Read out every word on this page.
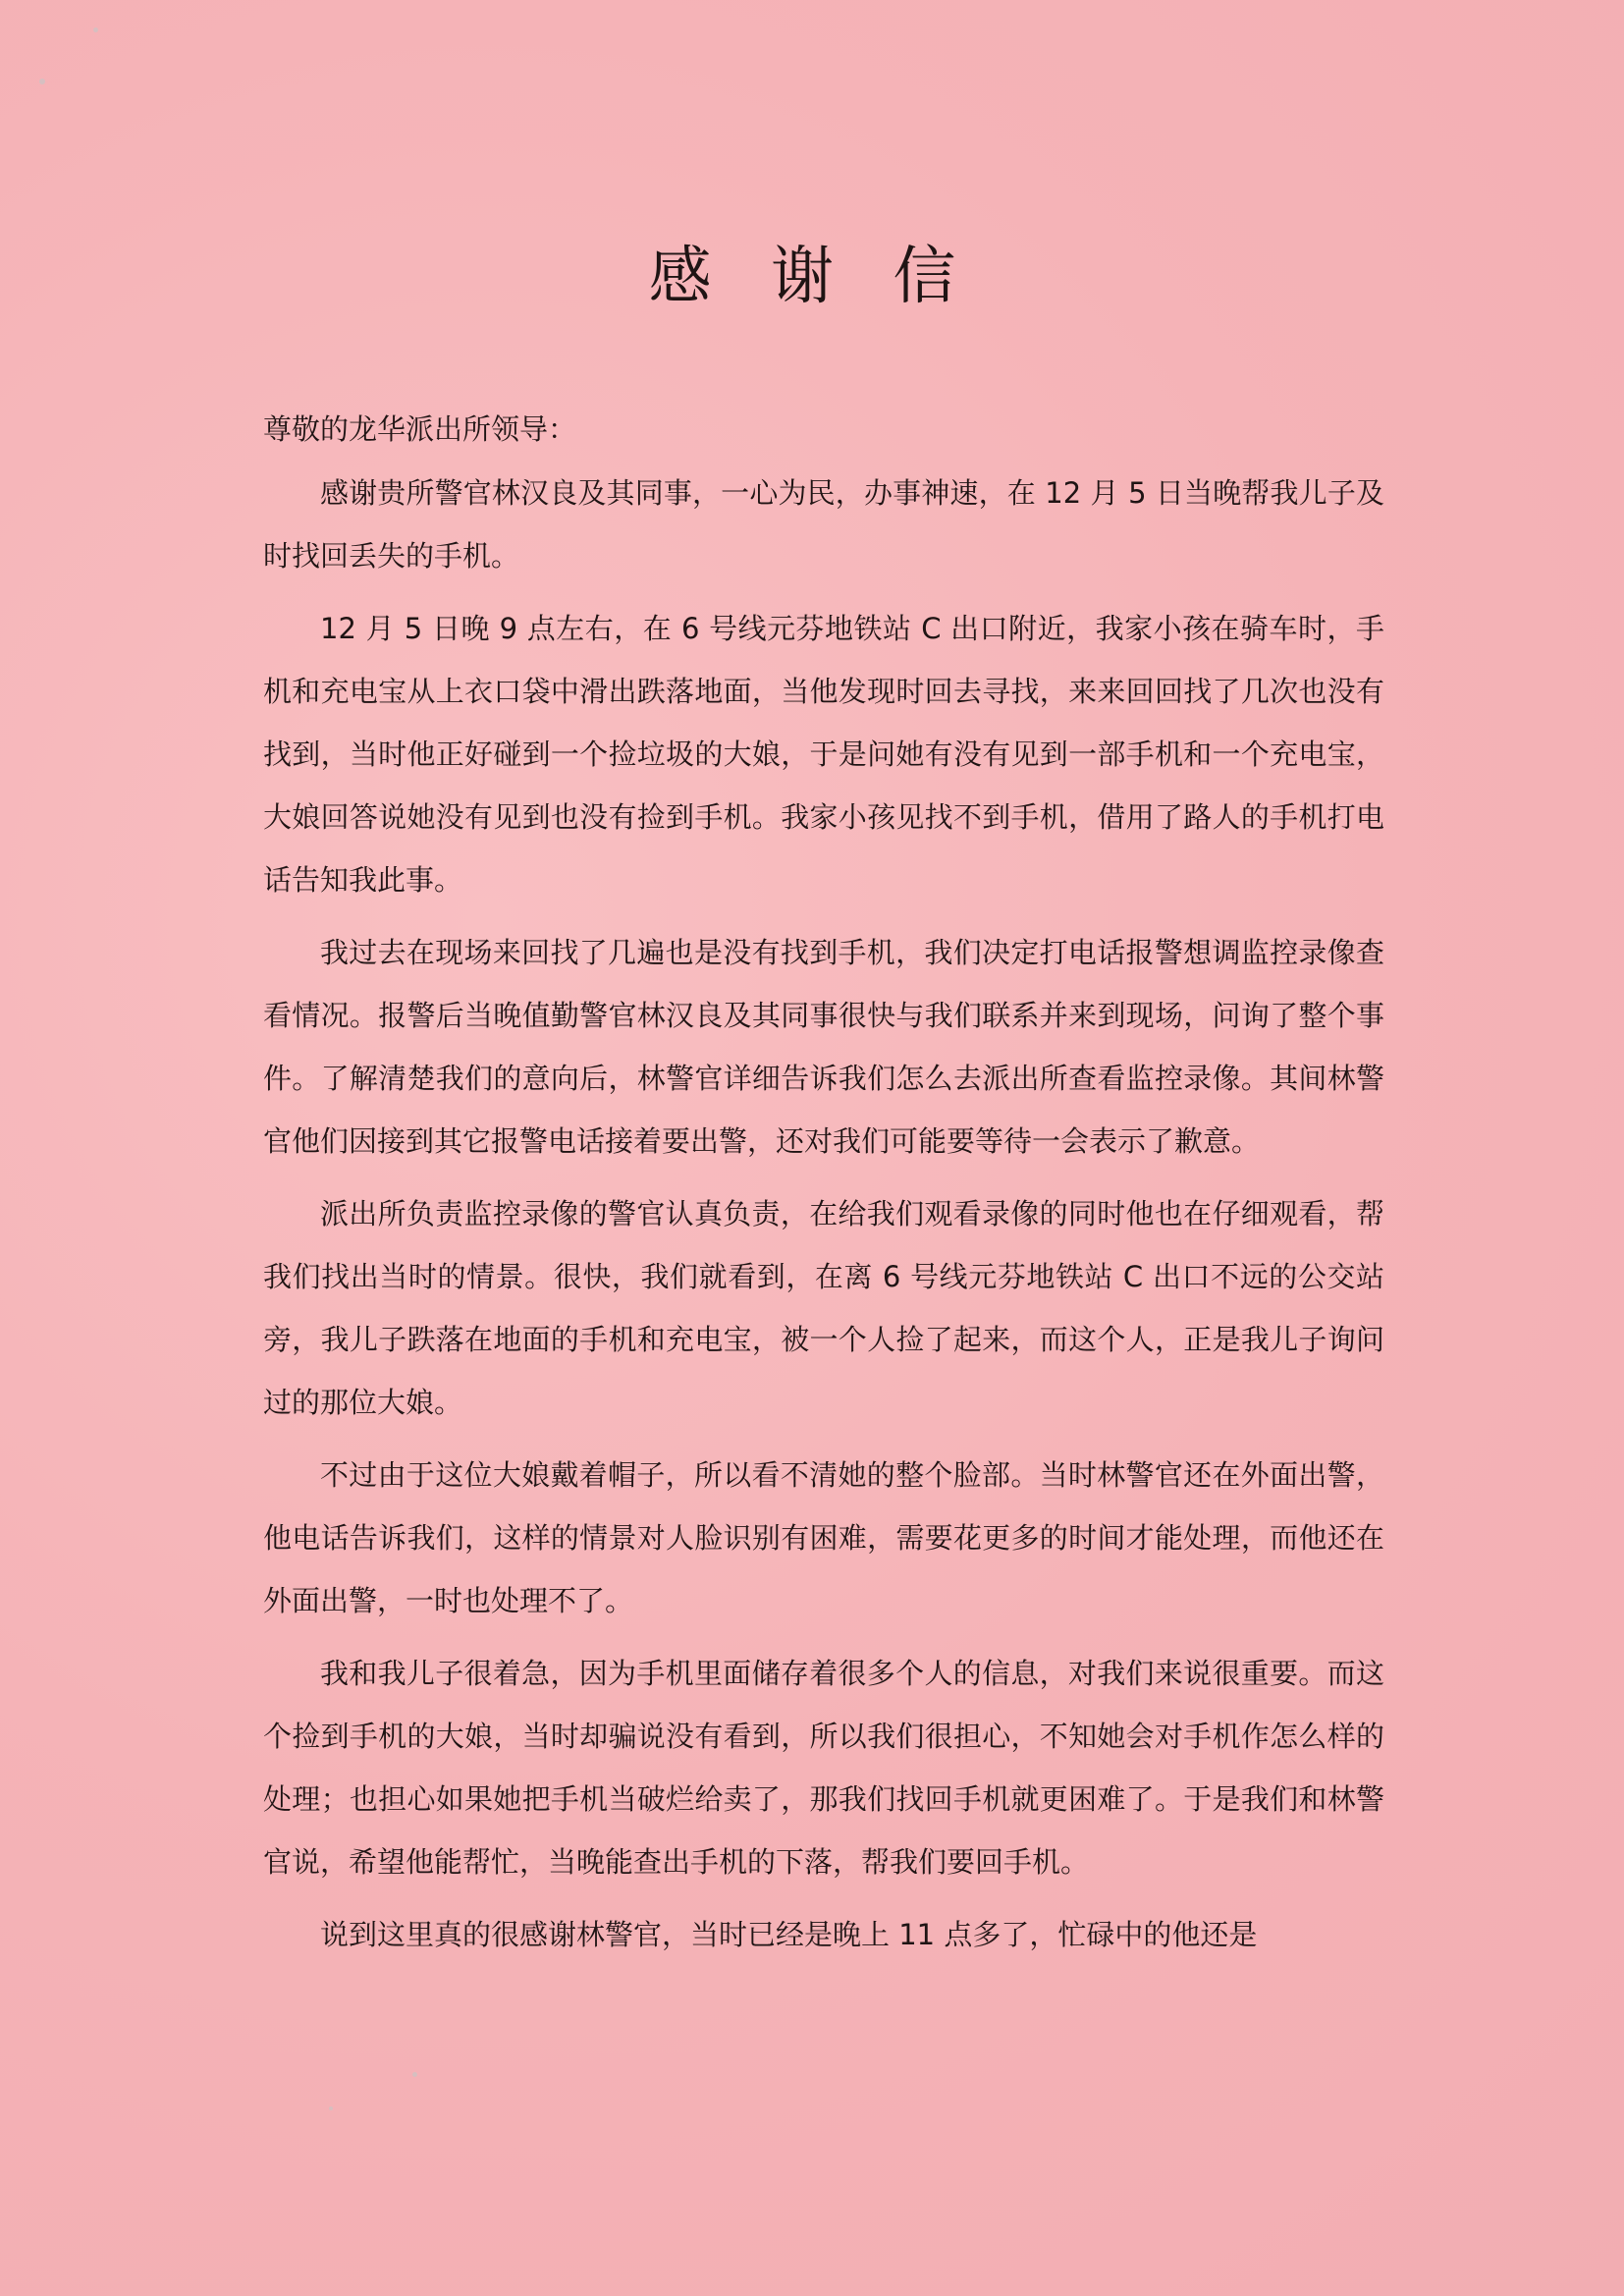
感 谢 信
尊敬的龙华派出所领导：

感谢贵所警官林汉良及其同事，一心为民，办事神速，在 12 月 5 日当晚帮我儿子及时找回丢失的手机。

12 月 5 日晚 9 点左右，在 6 号线元芬地铁站 C 出口附近，我家小孩在骑车时，手机和充电宝从上衣口袋中滑出跌落地面，当他发现时回去寻找，来来回回找了几次也没有找到，当时他正好碰到一个捡垃圾的大娘，于是问她有没有见到一部手机和一个充电宝，大娘回答说她没有见到也没有捡到手机。我家小孩见找不到手机，借用了路人的手机打电话告知我此事。

我过去在现场来回找了几遍也是没有找到手机，我们决定打电话报警想调监控录像查看情况。报警后当晚值勤警官林汉良及其同事很快与我们联系并来到现场，问询了整个事件。了解清楚我们的意向后，林警官详细告诉我们怎么去派出所查看监控录像。其间林警官他们因接到其它报警电话接着要出警，还对我们可能要等待一会表示了歉意。

派出所负责监控录像的警官认真负责，在给我们观看录像的同时他也在仔细观看，帮我们找出当时的情景。很快，我们就看到，在离 6 号线元芬地铁站 C 出口不远的公交站旁，我儿子跌落在地面的手机和充电宝，被一个人捡了起来，而这个人，正是我儿子询问过的那位大娘。

不过由于这位大娘戴着帽子，所以看不清她的整个脸部。当时林警官还在外面出警，他电话告诉我们，这样的情景对人脸识别有困难，需要花更多的时间才能处理，而他还在外面出警，一时也处理不了。

我和我儿子很着急，因为手机里面储存着很多个人的信息，对我们来说很重要。而这个捡到手机的大娘，当时却骗说没有看到，所以我们很担心，不知她会对手机作怎么样的处理；也担心如果她把手机当破烂给卖了，那我们找回手机就更困难了。于是我们和林警官说，希望他能帮忙，当晚能查出手机的下落，帮我们要回手机。

说到这里真的很感谢林警官，当时已经是晚上 11 点多了，忙碌中的他还是
